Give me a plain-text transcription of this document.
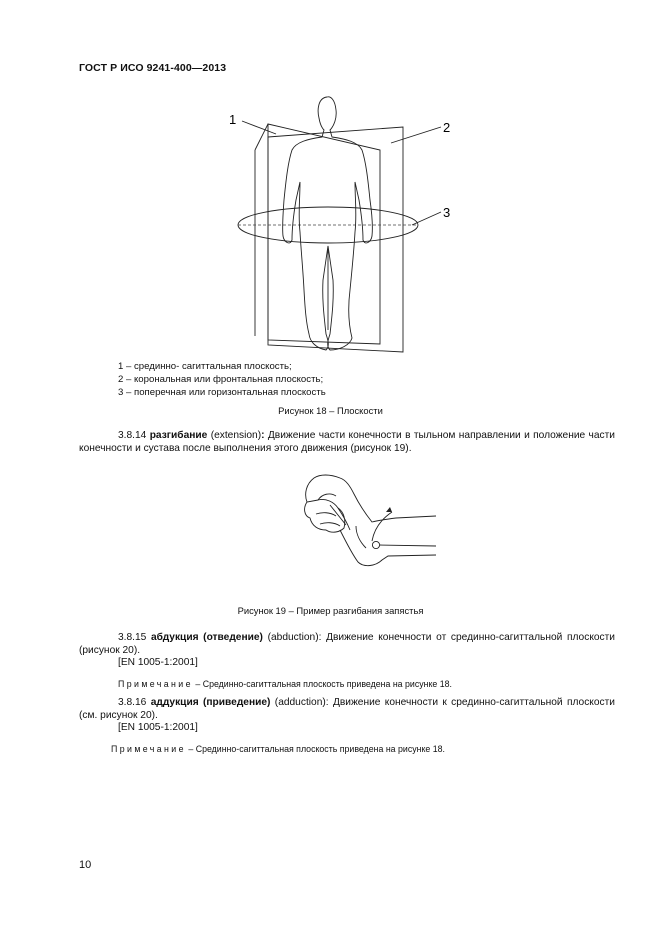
ГОСТ Р ИСО 9241-400—2013
1
2
3
1 – срединно- сагиттальная плоскость;
2 – корональная или фронтальная плоскость;
3 – поперечная или горизонтальная плоскость
Рисунок 18 – Плоскости
3.8.14 разгибание (extension): Движение части конечности в тыльном направлении и положение части конечности и сустава после выполнения этого движения (рисунок 19).
Рисунок 19 – Пример разгибания запястья
3.8.15 абдукция (отведение) (abduction): Движение конечности от срединно-сагиттальной плоскости (рисунок 20).
[EN 1005-1:2001]
Примечание – Срединно-сагиттальная плоскость приведена на рисунке 18.
3.8.16 аддукция (приведение) (adduction): Движение конечности к срединно-сагиттальной плоскости (см. рисунок 20).
[EN 1005-1:2001]
Примечание – Срединно-сагиттальная плоскость приведена на рисунке 18.
10
